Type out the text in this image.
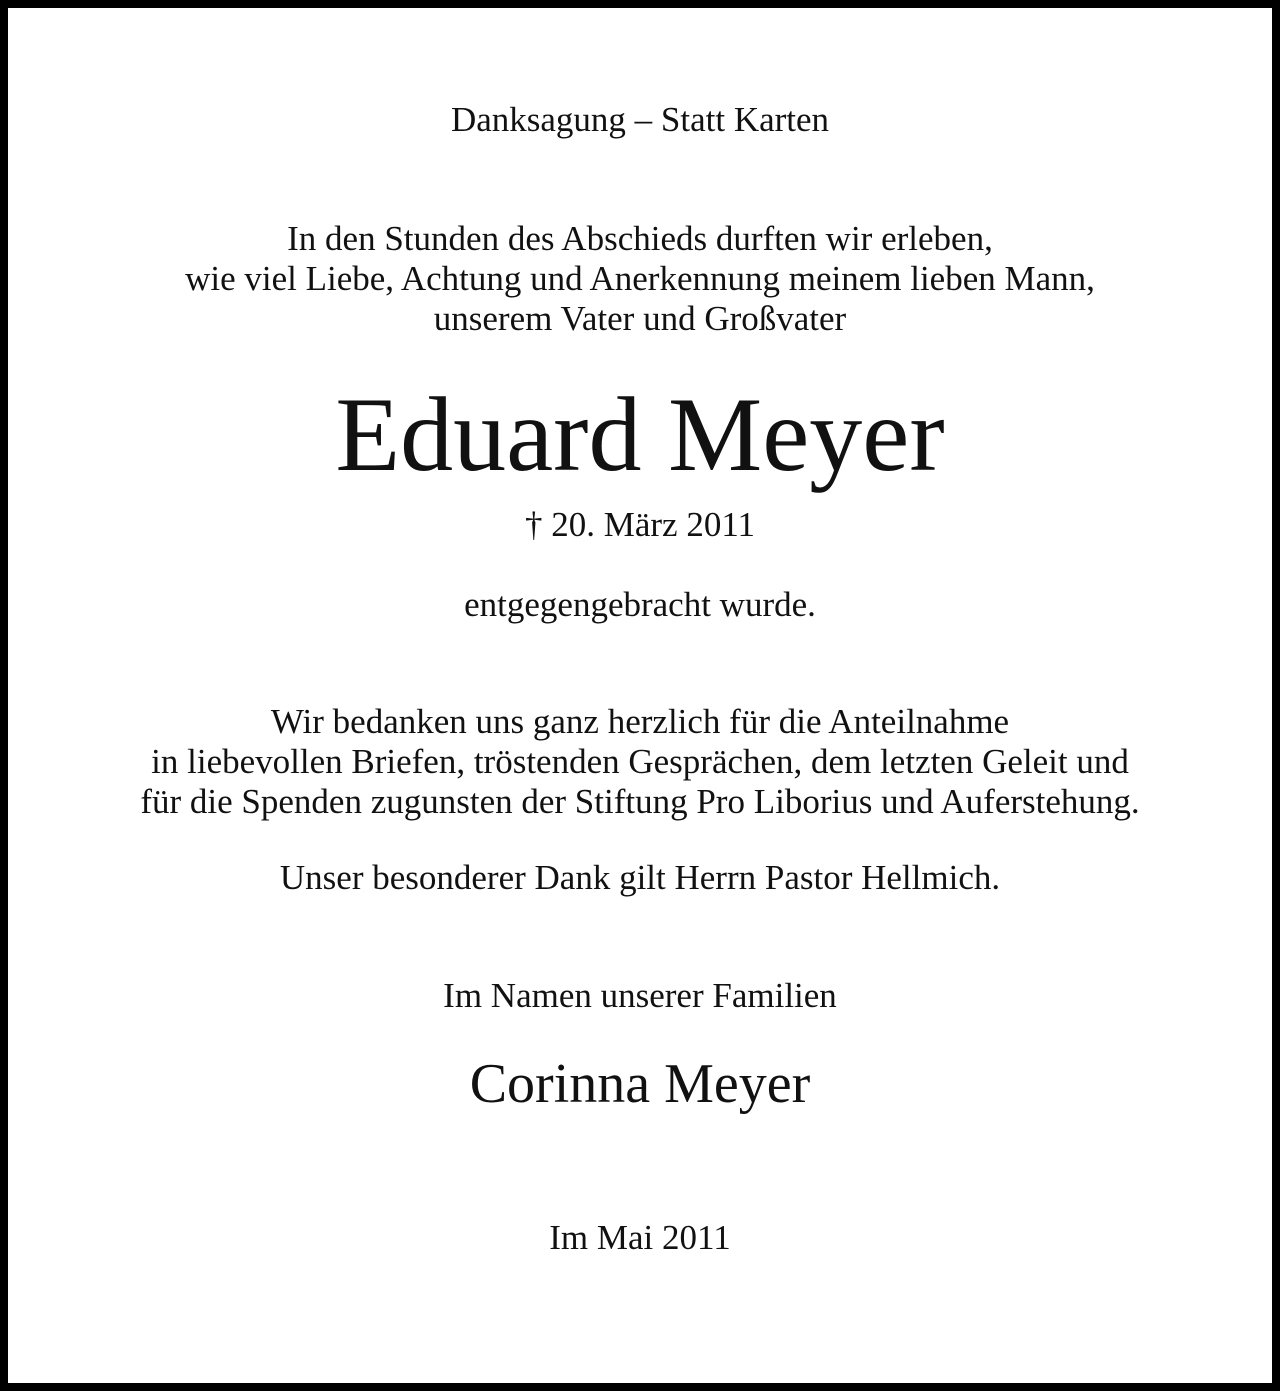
Danksagung – Statt Karten

In den Stunden des Abschieds durften wir erleben,
wie viel Liebe, Achtung und Anerkennung meinem lieben Mann,
unserem Vater und Großvater

Eduard Meyer

† 20. März 2011

entgegengebracht wurde.

Wir bedanken uns ganz herzlich für die Anteilnahme
in liebevollen Briefen, tröstenden Gesprächen, dem letzten Geleit und
für die Spenden zugunsten der Stiftung Pro Liborius und Auferstehung.

Unser besonderer Dank gilt Herrn Pastor Hellmich.

Im Namen unserer Familien

Corinna Meyer

Im Mai 2011
